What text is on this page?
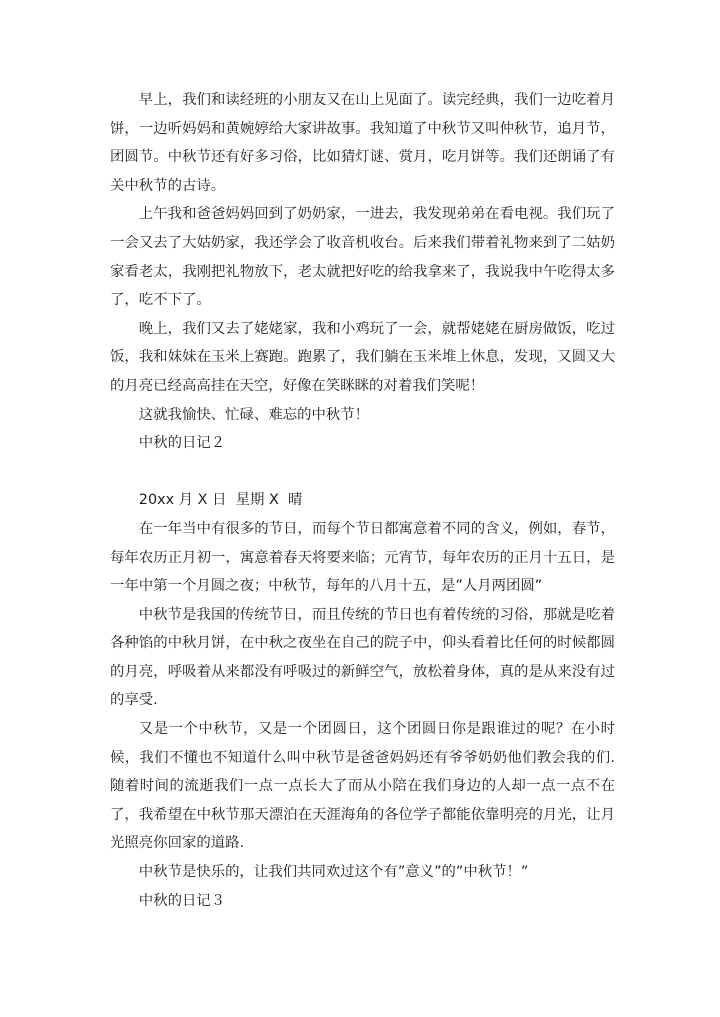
早上，我们和读经班的小朋友又在山上见面了。读完经典，我们一边吃着月饼，一边听妈妈和黄婉婷给大家讲故事。我知道了中秋节又叫仲秋节，追月节，团圆节。中秋节还有好多习俗，比如猜灯谜、赏月，吃月饼等。我们还朗诵了有关中秋节的古诗。

上午我和爸爸妈妈回到了奶奶家，一进去，我发现弟弟在看电视。我们玩了一会又去了大姑奶家，我还学会了收音机收台。后来我们带着礼物来到了二姑奶家看老太，我刚把礼物放下，老太就把好吃的给我拿来了，我说我中午吃得太多了，吃不下了。

晚上，我们又去了姥姥家，我和小鸡玩了一会，就帮姥姥在厨房做饭，吃过饭，我和妹妹在玉米上赛跑。跑累了，我们躺在玉米堆上休息，发现，又圆又大的月亮已经高高挂在天空，好像在笑眯眯的对着我们笑呢！

这就我愉快、忙碌、难忘的中秋节！

中秋的日记２

20xx 月 X 日  星期 X  晴

在一年当中有很多的节日，而每个节日都寓意着不同的含义，例如，春节，每年农历正月初一，寓意着春天将要来临；元宵节，每年农历的正月十五日，是一年中第一个月圆之夜；中秋节，每年的八月十五，是”人月两团圆”

中秋节是我国的传统节日，而且传统的节日也有着传统的习俗，那就是吃着各种馅的中秋月饼，在中秋之夜坐在自己的院子中，仰头看着比任何的时候都圆的月亮，呼吸着从来都没有呼吸过的新鲜空气，放松着身体，真的是从来没有过的享受.

又是一个中秋节，又是一个团圆日，这个团圆日你是跟谁过的呢？在小时候，我们不懂也不知道什么叫中秋节是爸爸妈妈还有爷爷奶奶他们教会我的们.随着时间的流逝我们一点一点长大了而从小陪在我们身边的人却一点一点不在了，我希望在中秋节那天漂泊在天涯海角的各位学子都能依靠明亮的月光，让月光照亮你回家的道路.

中秋节是快乐的，让我们共同欢过这个有”意义”的”中秋节！”

中秋的日记３
